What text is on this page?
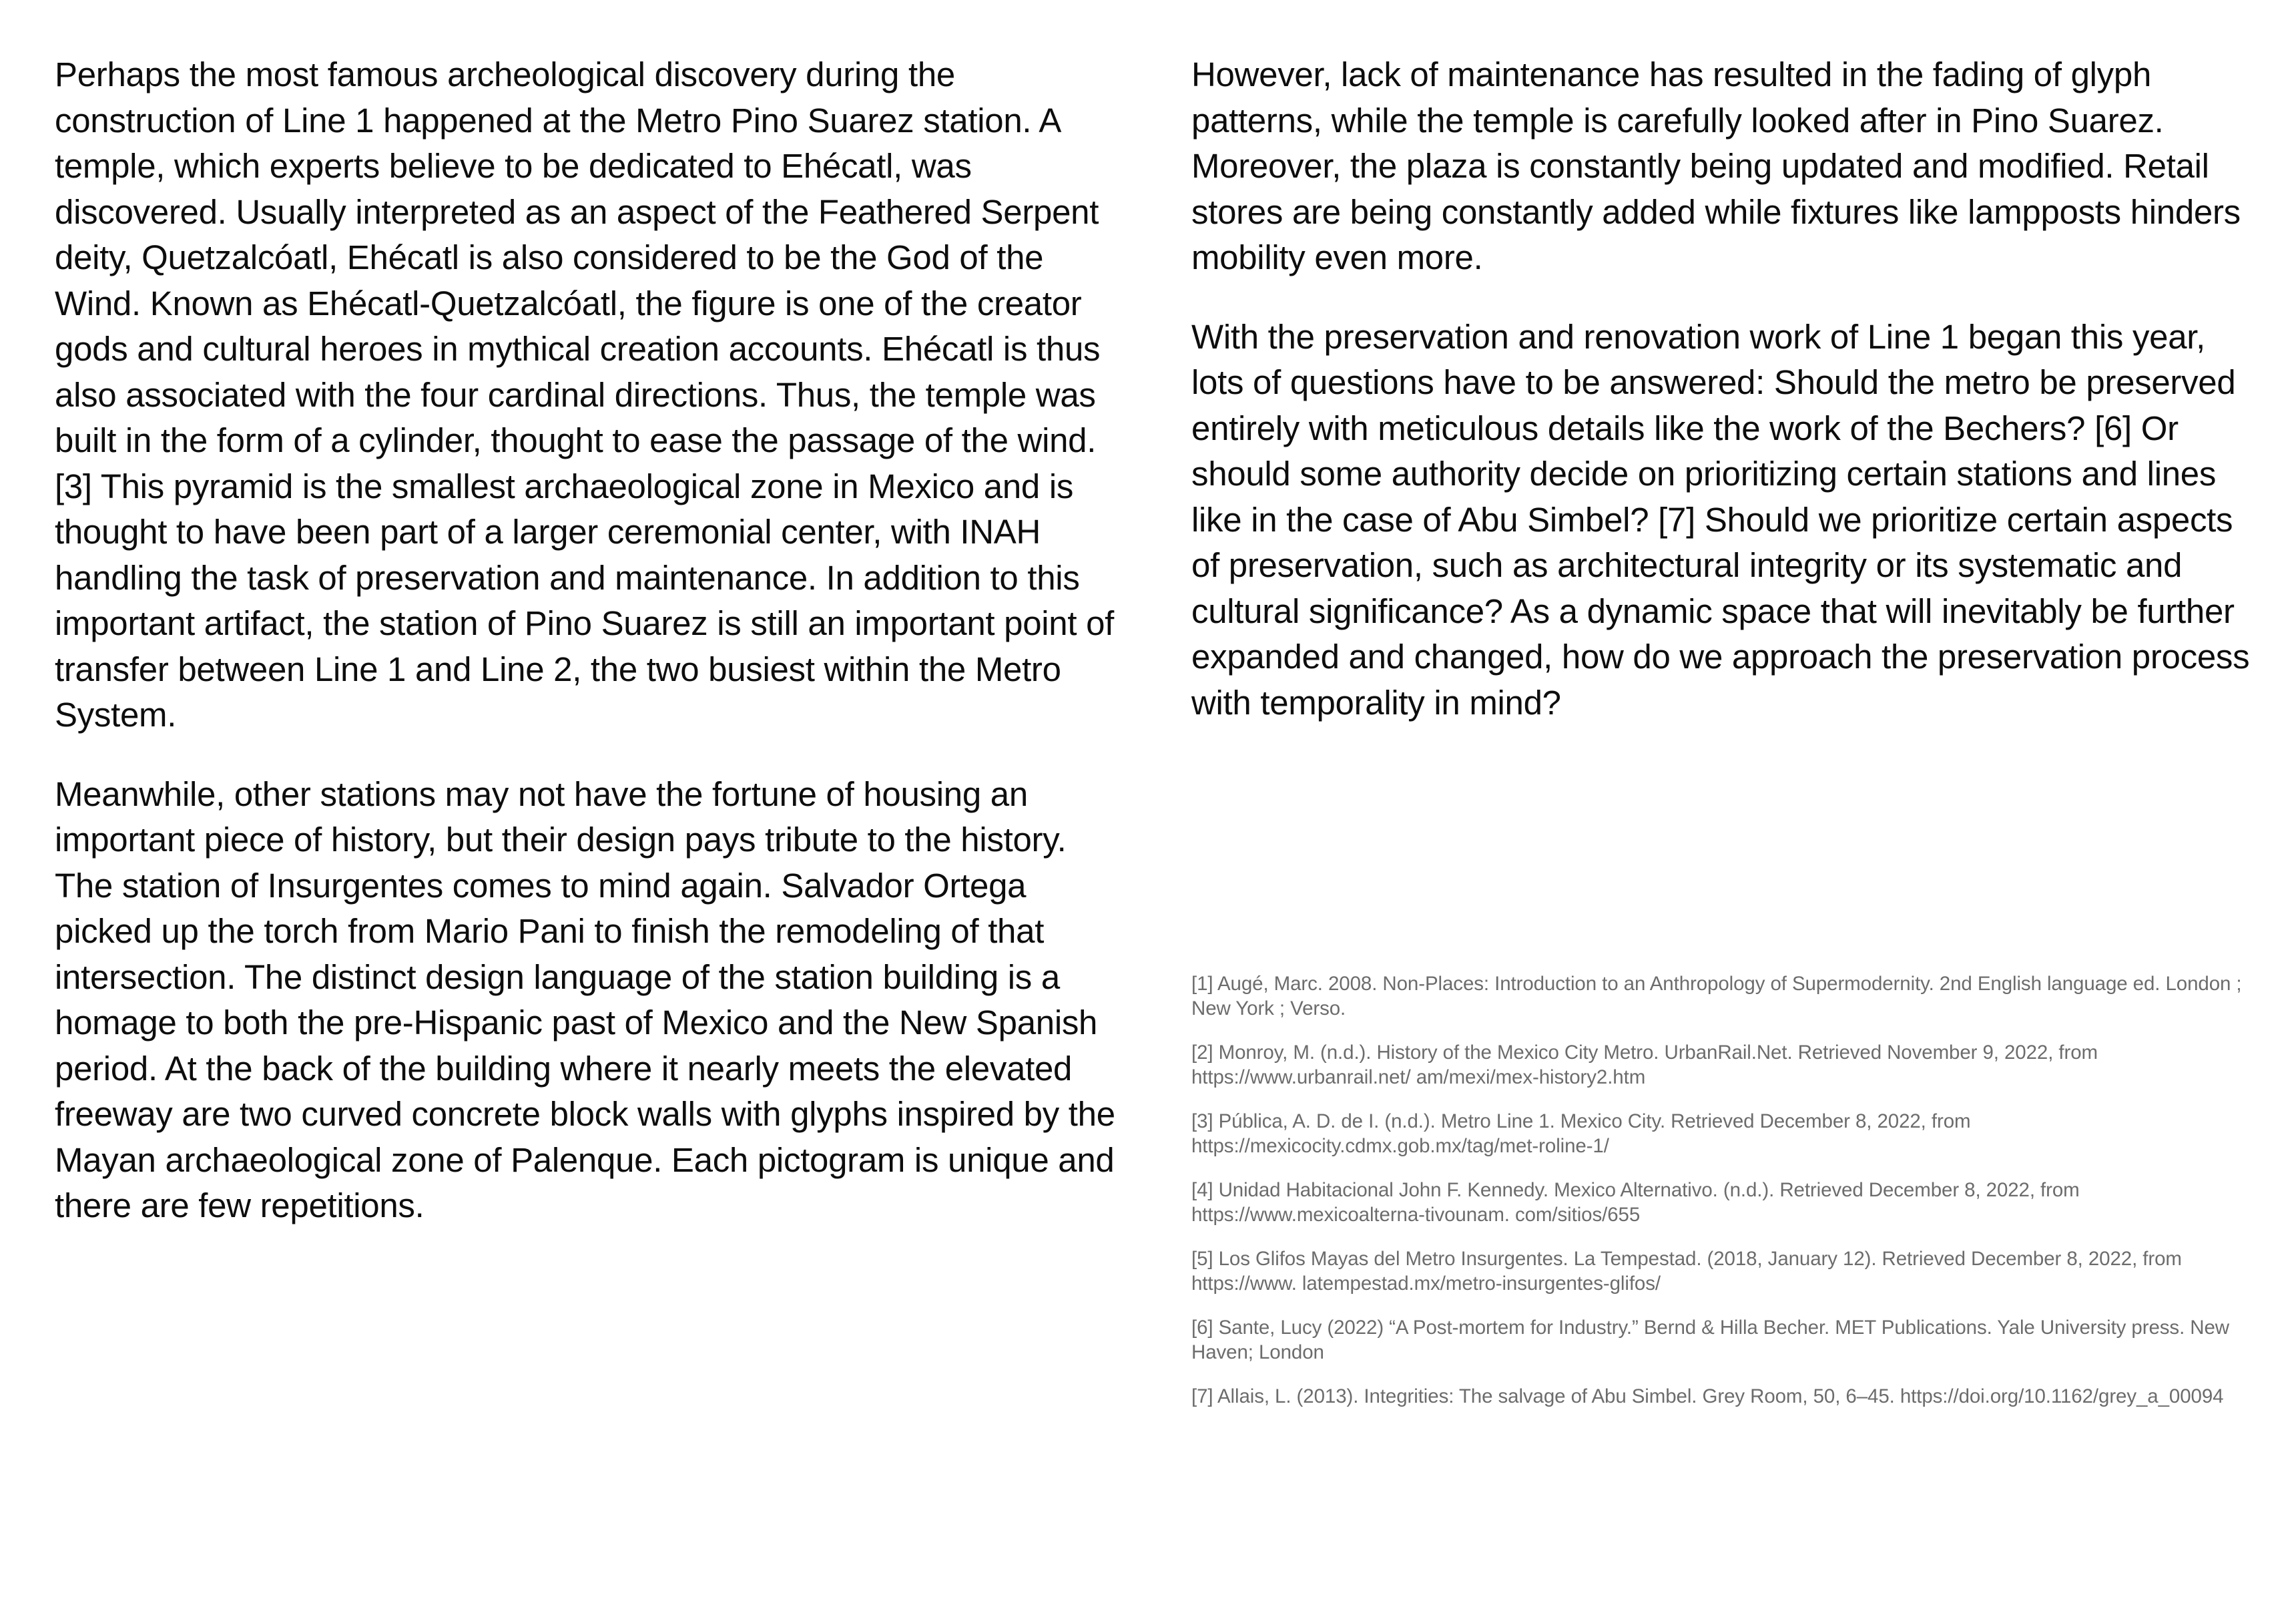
Perhaps the most famous archeological discovery during the construction of Line 1 happened at the Metro Pino Suarez station. A temple, which experts believe to be dedicated to Ehécatl, was discovered. Usually interpreted as an aspect of the Feathered Serpent deity, Quetzalcóatl, Ehécatl is also considered to be the God of the Wind. Known as Ehécatl-Quetzalcóatl, the figure is one of the creator gods and cultural heroes in mythical creation accounts. Ehécatl is thus also associated with the four cardinal directions. Thus, the temple was built in the form of a cylinder, thought to ease the passage of the wind. [3] This pyramid is the smallest archaeological zone in Mexico and is thought to have been part of a larger ceremonial center, with INAH handling the task of preservation and maintenance. In addition to this important artifact, the station of Pino Suarez is still an important point of transfer between Line 1 and Line 2, the two busiest within the Metro System.

Meanwhile, other stations may not have the fortune of housing an important piece of history, but their design pays tribute to the history. The station of Insurgentes comes to mind again. Salvador Ortega picked up the torch from Mario Pani to finish the remodeling of that intersection. The distinct design language of the station building is a homage to both the pre-Hispanic past of Mexico and the New Spanish period. At the back of the building where it nearly meets the elevated freeway are two curved concrete block walls with glyphs inspired by the Mayan archaeological zone of Palenque. Each pictogram is unique and there are few repetitions.

However, lack of maintenance has resulted in the fading of glyph patterns, while the temple is carefully looked after in Pino Suarez. Moreover, the plaza is constantly being updated and modified. Retail stores are being constantly added while fixtures like lampposts hinders mobility even more.

With the preservation and renovation work of Line 1 began this year, lots of questions have to be answered: Should the metro be preserved entirely with meticulous details like the work of the Bechers? [6] Or should some authority decide on prioritizing certain stations and lines like in the case of Abu Simbel? [7] Should we prioritize certain aspects of preservation, such as architectural integrity or its systematic and cultural significance? As a dynamic space that will inevitably be further expanded and changed, how do we approach the preservation process with temporality in mind?

[1] Augé, Marc. 2008. Non-Places: Introduction to an Anthropology of Supermodernity. 2nd English language ed. London ; New York ; Verso.

[2] Monroy, M. (n.d.). History of the Mexico City Metro. UrbanRail.Net. Retrieved November 9, 2022, from https://www.urbanrail.net/ am/mexi/mex-history2.htm

[3] Pública, A. D. de I. (n.d.). Metro Line 1. Mexico City. Retrieved December 8, 2022, from https://mexicocity.cdmx.gob.mx/tag/met-roline-1/

[4] Unidad Habitacional John F. Kennedy. Mexico Alternativo. (n.d.). Retrieved December 8, 2022, from https://www.mexicoalterna-tivounam. com/sitios/655

[5] Los Glifos Mayas del Metro Insurgentes. La Tempestad. (2018, January 12). Retrieved December 8, 2022, from https://www. latempestad.mx/metro-insurgentes-glifos/

[6] Sante, Lucy (2022) “A Post-mortem for Industry.” Bernd & Hilla Becher. MET Publications. Yale University press. New Haven; London

[7] Allais, L. (2013). Integrities: The salvage of Abu Simbel. Grey Room, 50, 6–45. https://doi.org/10.1162/grey_a_00094
